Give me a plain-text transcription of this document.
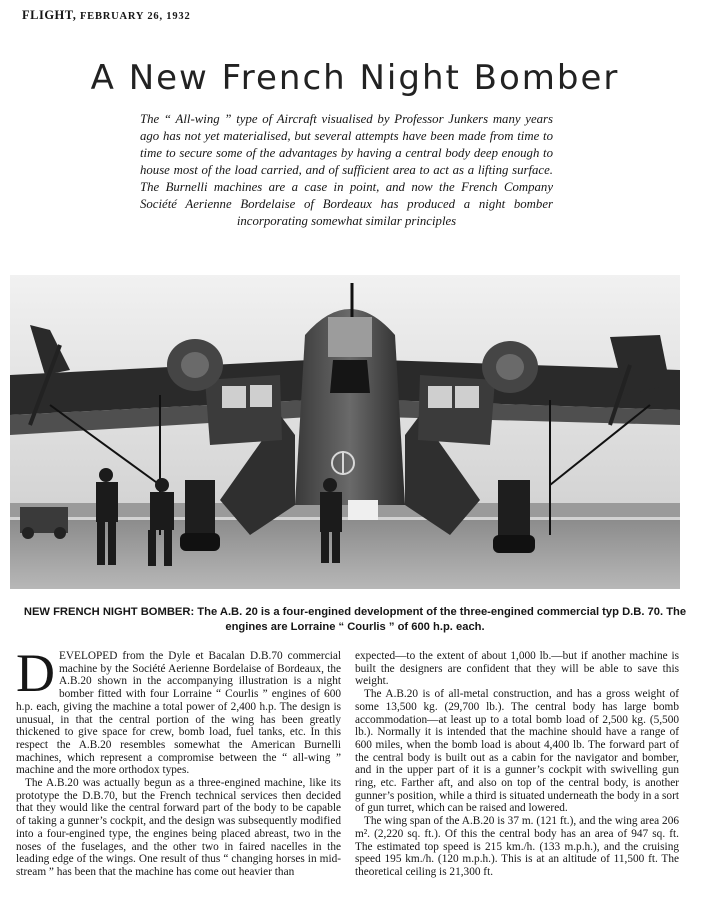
FLIGHT, FEBRUARY 26, 1932
A New French Night Bomber
The “ All-wing ” type of Aircraft visualised by Professor Junkers many years ago has not yet materialised, but several attempts have been made from time to time to secure some of the advantages by having a central body deep enough to house most of the load carried, and of sufficient area to act as a lifting surface. The Burnelli machines are a case in point, and now the French Company Société Aerienne Bordelaise of Bordeaux has produced a night bomber incorporating somewhat similar principles
NEW FRENCH NIGHT BOMBER: The A.B. 20 is a four-engined development of the three-engined commercial typ D.B. 70. The engines are Lorraine “ Courlis ” of 600 h.p. each.

DEVELOPED from the Dyle et Bacalan D.B.70 commercial machine by the Société Aerienne Bordelaise of Bordeaux, the A.B.20 shown in the accompanying illustration is a night bomber fitted with four Lorraine “ Courlis ” engines of 600 h.p. each, giving the machine a total power of 2,400 h.p. The design is unusual, in that the central portion of the wing has been greatly thickened to give space for crew, bomb load, fuel tanks, etc. In this respect the A.B.20 resembles somewhat the American Burnelli machines, which represent a compromise between the “ all-wing ” machine and the more orthodox types.

The A.B.20 was actually begun as a three-engined machine, like its prototype the D.B.70, but the French technical services then decided that they would like the central forward part of the body to be capable of taking a gunner’s cockpit, and the design was subsequently modified into a four-engined type, the engines being placed abreast, two in the noses of the fuselages, and the other two in faired nacelles in the leading edge of the wings. One result of thus “ changing horses in mid-stream ” has been that the machine has come out heavier than

expected—to the extent of about 1,000 lb.—but if another machine is built the designers are confident that they will be able to save this weight.

The A.B.20 is of all-metal construction, and has a gross weight of some 13,500 kg. (29,700 lb.). The central body has large bomb accommodation—at least up to a total bomb load of 2,500 kg. (5,500 lb.). Normally it is intended that the machine should have a range of 600 miles, when the bomb load is about 4,400 lb. The forward part of the central body is built out as a cabin for the navigator and bomber, and in the upper part of it is a gunner’s cockpit with swivelling gun ring, etc. Farther aft, and also on top of the central body, is another gunner’s position, while a third is situated underneath the body in a sort of gun turret, which can be raised and lowered.

The wing span of the A.B.20 is 37 m. (121 ft.), and the wing area 206 m². (2,220 sq. ft.). Of this the central body has an area of 947 sq. ft. The estimated top speed is 215 km./h. (133 m.p.h.), and the cruising speed 195 km./h. (120 m.p.h.). This is at an altitude of 11,500 ft. The theoretical ceiling is 21,300 ft.
